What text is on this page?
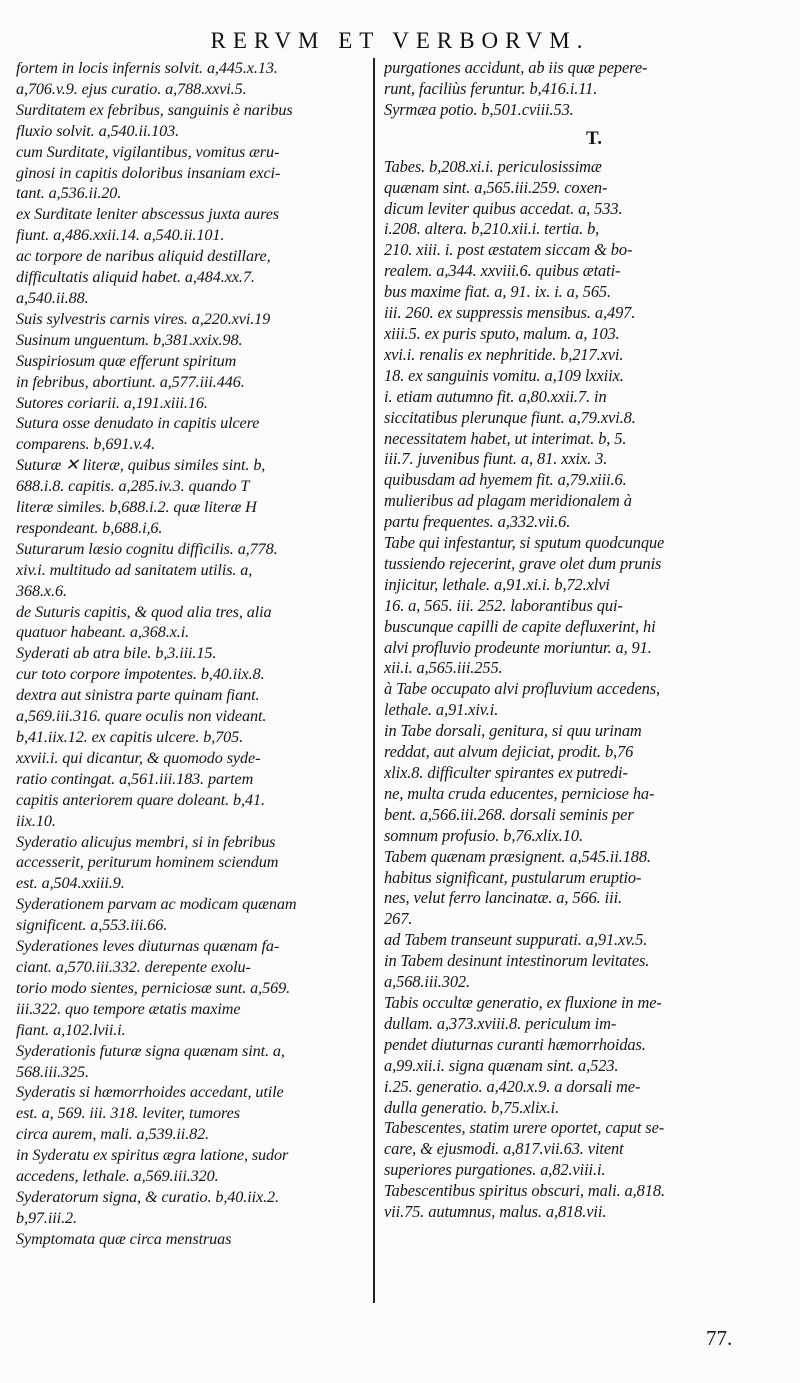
RERVM ET VERBORVM.
fortem in locis infernis solvit. a,445.x.13.
a,706.v.9. ejus curatio. a,788.xxvi.5.
Surditatem ex febribus, sanguinis è naribus
fluxio solvit. a,540.ii.103.
cum Surditate, vigilantibus, vomitus æru-
ginosi in capitis doloribus insaniam exci-
tant. a,536.ii.20.
ex Surditate leniter abscessus juxta aures
fiunt. a,486.xxii.14. a,540.ii.101.
ac torpore de naribus aliquid destillare,
difficultatis aliquid habet. a,484.xx.7.
a,540.ii.88.
Suis sylvestris carnis vires. a,220.xvi.19
Susinum unguentum. b,381.xxix.98.
Suspiriosum quæ efferunt spiritum
in febribus, abortiunt. a,577.iii.446.
Sutores coriarii. a,191.xiii.16.
Sutura osse denudato in capitis ulcere
comparens. b,691.v.4.
Suturæ ✕ literæ, quibus similes sint. b,
688.i.8. capitis. a,285.iv.3. quando T
literæ similes. b,688.i.2. quæ literæ H
respondeant. b,688.i,6.
Suturarum læsio cognitu difficilis. a,778.
xiv.i. multitudo ad sanitatem utilis. a,
368.x.6.
de Suturis capitis, & quod alia tres, alia
quatuor habeant. a,368.x.i.
Syderati ab atra bile. b,3.iii.15.
cur toto corpore impotentes. b,40.iix.8.
dextra aut sinistra parte quinam fiant.
a,569.iii.316. quare oculis non videant.
b,41.iix.12. ex capitis ulcere. b,705.
xxvii.i. qui dicantur, & quomodo syde-
ratio contingat. a,561.iii.183. partem
capitis anteriorem quare doleant. b,41.
iix.10.
Syderatio alicujus membri, si in febribus
accesserit, periturum hominem sciendum
est. a,504.xxiii.9.
Syderationem parvam ac modicam quænam
significent. a,553.iii.66.
Syderationes leves diuturnas quænam fa-
ciant. a,570.iii.332. derepente exolu-
torio modo sientes, perniciosæ sunt. a,569.
iii.322. quo tempore ætatis maxime
fiant. a,102.lvii.i.
Syderationis futuræ signa quænam sint. a,
568.iii.325.
Syderatis si hæmorrhoides accedant, utile
est. a, 569. iii. 318. leviter, tumores
circa aurem, mali. a,539.ii.82.
in Syderatu ex spiritus ægra latione, sudor
accedens, lethale. a,569.iii.320.
Syderatorum signa, & curatio. b,40.iix.2.
b,97.iii.2.
Symptomata quæ circa menstruas
purgationes accidunt, ab iis quæ pepere-
runt, faciliùs feruntur. b,416.i.11.
Syrmæa potio. b,501.cviii.53.
T.
Tabes. b,208.xi.i. periculosissimæ
quænam sint. a,565.iii.259. coxen-
dicum leviter quibus accedat. a, 533.
i.208. altera. b,210.xii.i. tertia. b,
210. xiii. i. post æstatem siccam & bo-
realem. a,344. xxviii.6. quibus ætati-
bus maxime fiat. a, 91. ix. i. a, 565.
iii. 260. ex suppressis mensibus. a,497.
xiii.5. ex puris sputo, malum. a, 103.
xvi.i. renalis ex nephritide. b,217.xvi.
18. ex sanguinis vomitu. a,109 lxxiix.
i. etiam autumno fit. a,80.xxii.7. in
siccitatibus plerunque fiunt. a,79.xvi.8.
necessitatem habet, ut interimat. b, 5.
iii.7. juvenibus fiunt. a, 81. xxix. 3.
quibusdam ad hyemem fit. a,79.xiii.6.
mulieribus ad plagam meridionalem à
partu frequentes. a,332.vii.6.
Tabe qui infestantur, si sputum quodcunque
tussiendo rejecerint, grave olet dum prunis
injicitur, lethale. a,91.xi.i. b,72.xlvi
16. a, 565. iii. 252. laborantibus qui-
buscunque capilli de capite defluxerint, hi
alvi profluvio prodeunte moriuntur. a, 91.
xii.i. a,565.iii.255.
à Tabe occupato alvi profluvium accedens,
lethale. a,91.xiv.i.
in Tabe dorsali, genitura, si quu urinam
reddat, aut alvum dejiciat, prodit. b,76
xlix.8. difficulter spirantes ex putredi-
ne, multa cruda educentes, perniciose ha-
bent. a,566.iii.268. dorsali seminis per
somnum profusio. b,76.xlix.10.
Tabem quænam præsignent. a,545.ii.188.
habitus significant, pustularum eruptio-
nes, velut ferro lancinatæ. a, 566. iii.
267.
ad Tabem transeunt suppurati. a,91.xv.5.
in Tabem desinunt intestinorum levitates.
a,568.iii.302.
Tabis occultæ generatio, ex fluxione in me-
dullam. a,373.xviii.8. periculum im-
pendet diuturnas curanti hæmorrhoidas.
a,99.xii.i. signa quænam sint. a,523.
i.25. generatio. a,420.x.9. a dorsali me-
dulla generatio. b,75.xlix.i.
Tabescentes, statim urere oportet, caput se-
care, & ejusmodi. a,817.vii.63. vitent
superiores purgationes. a,82.viii.i.
Tabescentibus spiritus obscuri, mali. a,818.
vii.75. autumnus, malus. a,818.vii.
77.
